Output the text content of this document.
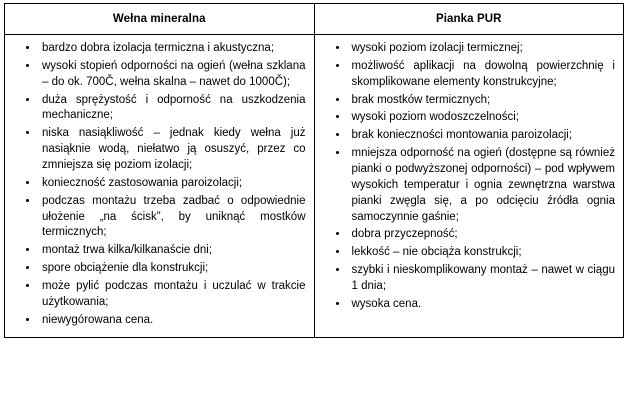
Wełna mineralna	Pianka PUR

• bardzo dobra izolacja termiczna i akustyczna;
• wysoki stopień odporności na ogień (wełna szklana – do ok. 700Č, wełna skalna – nawet do 1000Č);
• duża sprężystość i odporność na uszkodzenia mechaniczne;
• niska nasiąkliwość – jednak kiedy wełna już nasiąknie wodą, niełatwo ją osuszyć, przez co zmniejsza się poziom izolacji;
• konieczność zastosowania paroizolacji;
• podczas montażu trzeba zadbać o odpowiednie ułożenie „na ścisk”, by uniknąć mostków termicznych;
• montaż trwa kilka/kilkanaście dni;
• spore obciążenie dla konstrukcji;
• może pylić podczas montażu i uczulać w trakcie użytkowania;
• niewygórowana cena.

• wysoki poziom izolacji termicznej;
• możliwość aplikacji na dowolną powierzchnię i skomplikowane elementy konstrukcyjne;
• brak mostków termicznych;
• wysoki poziom wodoszczelności;
• brak konieczności montowania paroizolacji;
• mniejsza odporność na ogień (dostępne są również pianki o podwyższonej odporności) – pod wpływem wysokich temperatur i ognia zewnętrzna warstwa pianki zwęgla się, a po odcięciu źródła ognia samoczynnie gaśnie;
• dobra przyczepność;
• lekkość – nie obciąża konstrukcji;
• szybki i nieskomplikowany montaż – nawet w ciągu 1 dnia;
• wysoka cena.
